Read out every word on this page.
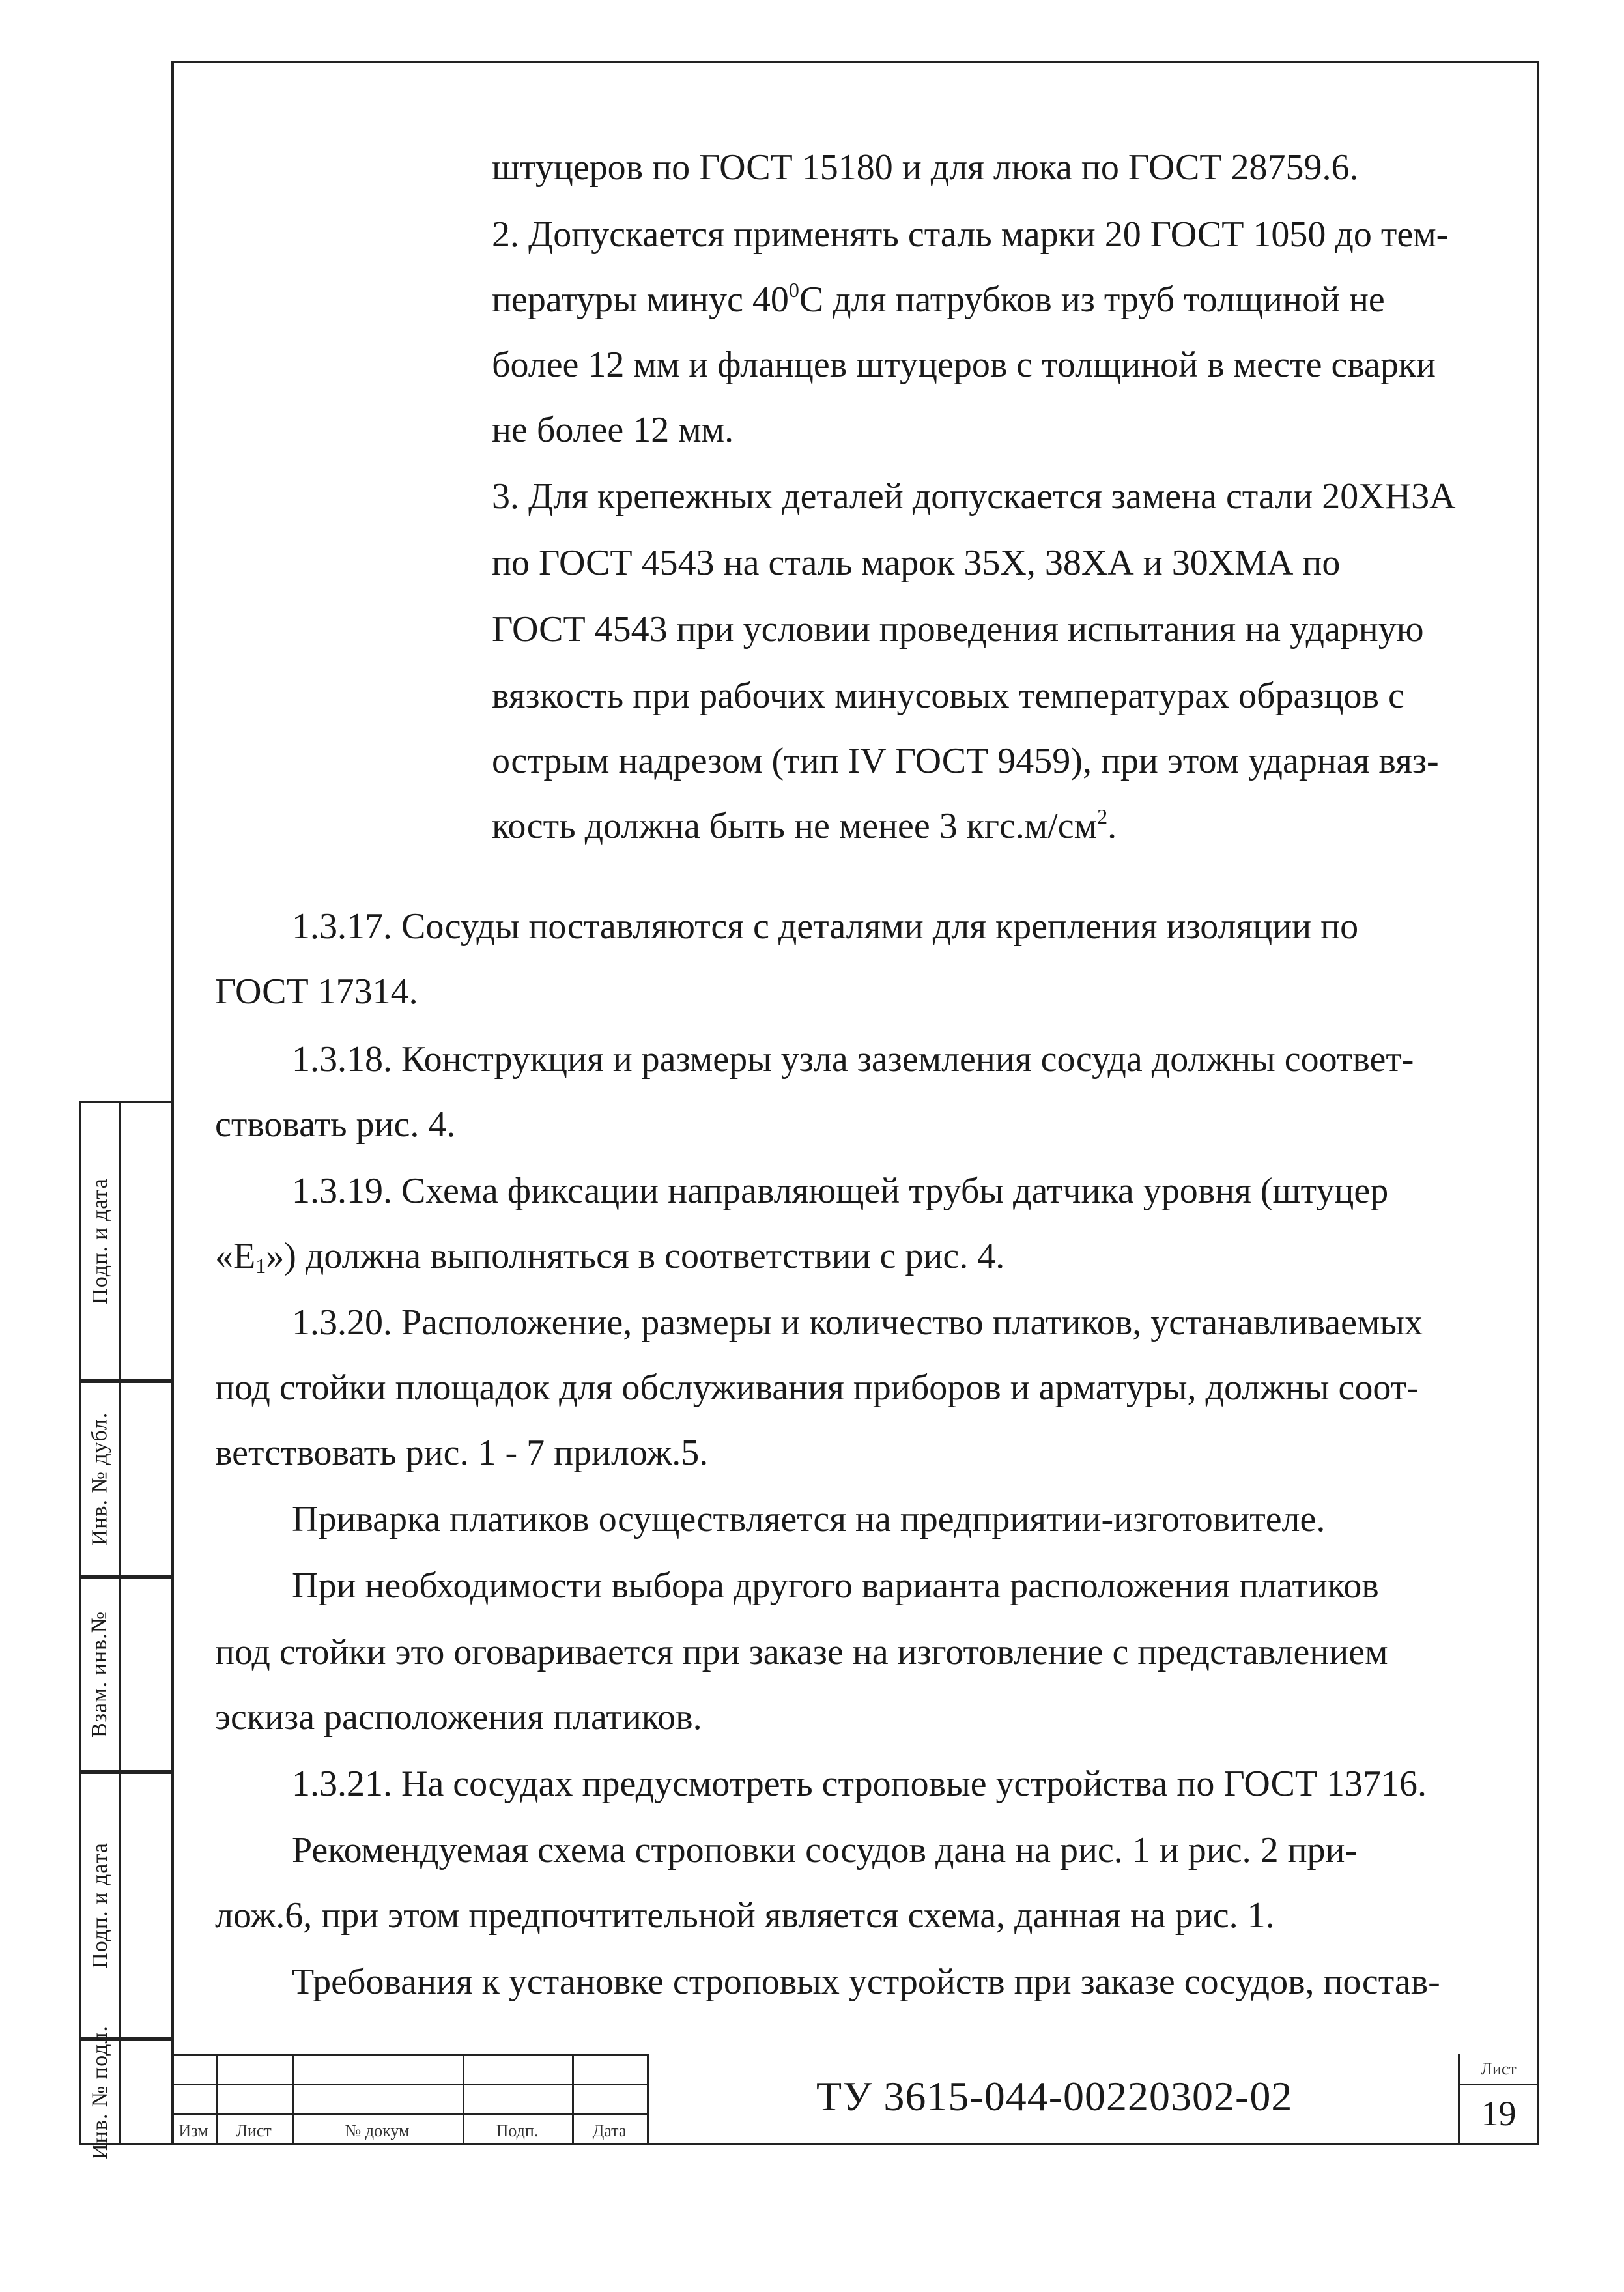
Подп. и дата
Инв. № дубл.
Взам. инв.№
Подп. и дата
Инв. № подл.
штуцеров по ГОСТ 15180 и для люка по ГОСТ 28759.6.
2. Допускается применять сталь марки 20 ГОСТ 1050 до тем-
пературы минус $40^0С$ для патрубков из труб толщиной не
более 12 мм и фланцев штуцеров с толщиной в месте сварки
не более 12 мм.
3. Для крепежных деталей допускается замена стали 20ХН3А
по ГОСТ 4543 на сталь марок 35Х, 38ХА и 30ХМА по
ГОСТ 4543 при условии проведения испытания на ударную
вязкость при рабочих минусовых температурах образцов с
острым надрезом (тип IV ГОСТ 9459), при этом ударная вяз-
кость должна быть не менее 3 $кгс.м/см^2$.
1.3.17. Сосуды поставляются с деталями для крепления изоляции по
ГОСТ 17314.
1.3.18. Конструкция и размеры узла заземления сосуда должны соответ-
ствовать рис. 4.
1.3.19. Схема фиксации направляющей трубы датчика уровня (штуцер
«$Е_1$») должна выполняться в соответствии с рис. 4.
1.3.20. Расположение, размеры и количество платиков, устанавливаемых
под стойки площадок для обслуживания приборов и арматуры, должны соот-
ветствовать рис. 1 - 7 прилож.5.
Приварка платиков осуществляется на предприятии-изготовителе.
При необходимости выбора другого варианта расположения платиков
под стойки это оговаривается при заказе на изготовление с представлением
эскиза расположения платиков.
1.3.21. На сосудах предусмотреть строповые устройства по ГОСТ 13716.
Рекомендуемая схема строповки сосудов дана на рис. 1 и рис. 2 при-
лож.6, при этом предпочтительной является схема, данная на рис. 1.
Требования к установке строповых устройств при заказе сосудов, постав-
Изм	Лист	№ докум	Подп.	Дата
ТУ 3615-044-00220302-02
Лист
19
